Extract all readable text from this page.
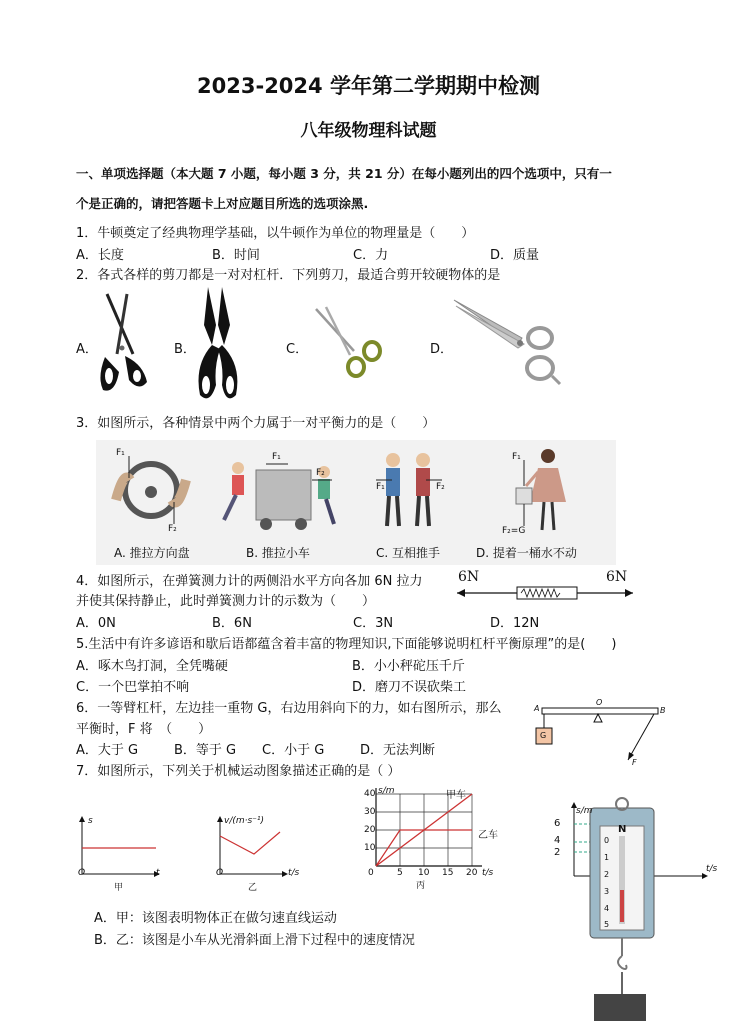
2023-2024 学年第二学期期中检测
八年级物理科试题
一、单项选择题（本大题 7 小题，每小题 3 分，共 21 分）在每小题列出的四个选项中，只有一
个是正确的，请把答题卡上对应题目所选的选项涂黑.
1．牛顿奠定了经典物理学基础，以牛顿作为单位的物理量是（　　）
A．长度	B．时间	C．力	D．质量
2．各式各样的剪刀都是一对对杠杆．下列剪刀，最适合剪开较硬物体的是
A．	B．	C．	D．
3．如图所示，各种情景中两个力属于一对平衡力的是（　　）
F₁
F₂
F₁
F₂
F₁	F₂
F₁
F₂=G
A. 推拉方向盘	B. 推拉小车	C. 互相推手	D. 提着一桶水不动
4．如图所示，在弹簧测力计的两侧沿水平方向各加 6N 拉力
并使其保持静止，此时弹簧测力计的示数为（　　）
A．0N	B．6N	C．3N	D．12N
6N	6N
5.生活中有许多谚语和歇后语都蕴含着丰富的物理知识,下面能够说明杠杆平衡原理”的是(　　)
A．啄木鸟打洞，全凭嘴硬	B．小小秤砣压千斤
C．一个巴掌拍不响	D．磨刀不误砍柴工
6．一等臂杠杆，左边挂一重物 G，右边用斜向下的力，如右图所示，那么
平衡时，F 将　（　　）
A．大于 G	B．等于 G C．小于 G	D．无法判断
A
O
B
G
F
7．如图所示，下列关于机械运动图象描述正确的是（ ）
s
t
O
甲
v/(m·s⁻¹)
t/s
O
乙
s/m
10
20
30
40
0	5 10 15 20 t/s
甲车
乙车
丙
s/m
t/s
2
4
6
N
0
1
2
3
4
5
A．甲：该图表明物体正在做匀速直线运动
B．乙：该图是小车从光滑斜面上滑下过程中的速度情况
